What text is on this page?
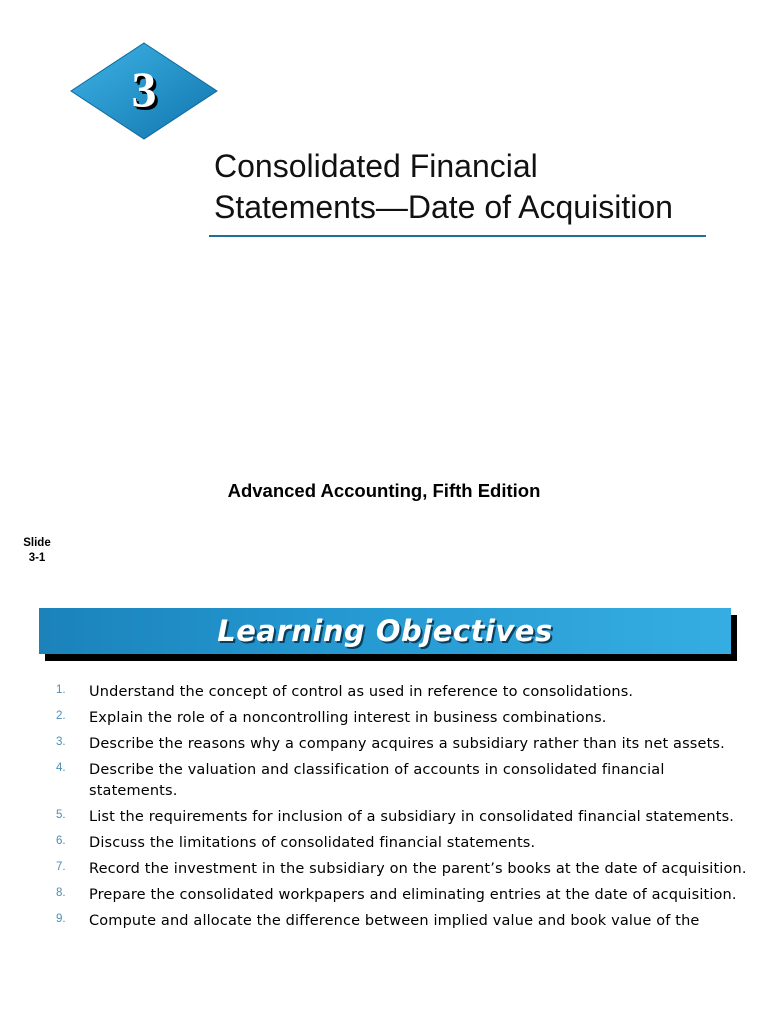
3
Consolidated Financial
Statements—Date of Acquisition
Advanced Accounting, Fifth Edition
Slide
3-1
Learning Objectives
1.	Understand the concept of control as used in reference to consolidations.
2.	Explain the role of a noncontrolling interest in business combinations.
3.	Describe the reasons why a company acquires a subsidiary rather than its net assets.
4.	Describe the valuation and classification of accounts in consolidated financial statements.
5.	List the requirements for inclusion of a subsidiary in consolidated financial statements.
6.	Discuss the limitations of consolidated financial statements.
7.	Record the investment in the subsidiary on the parent’s books at the date of acquisition.
8.	Prepare the consolidated workpapers and eliminating entries at the date of acquisition.
9.	Compute and allocate the difference between implied value and book value of the
